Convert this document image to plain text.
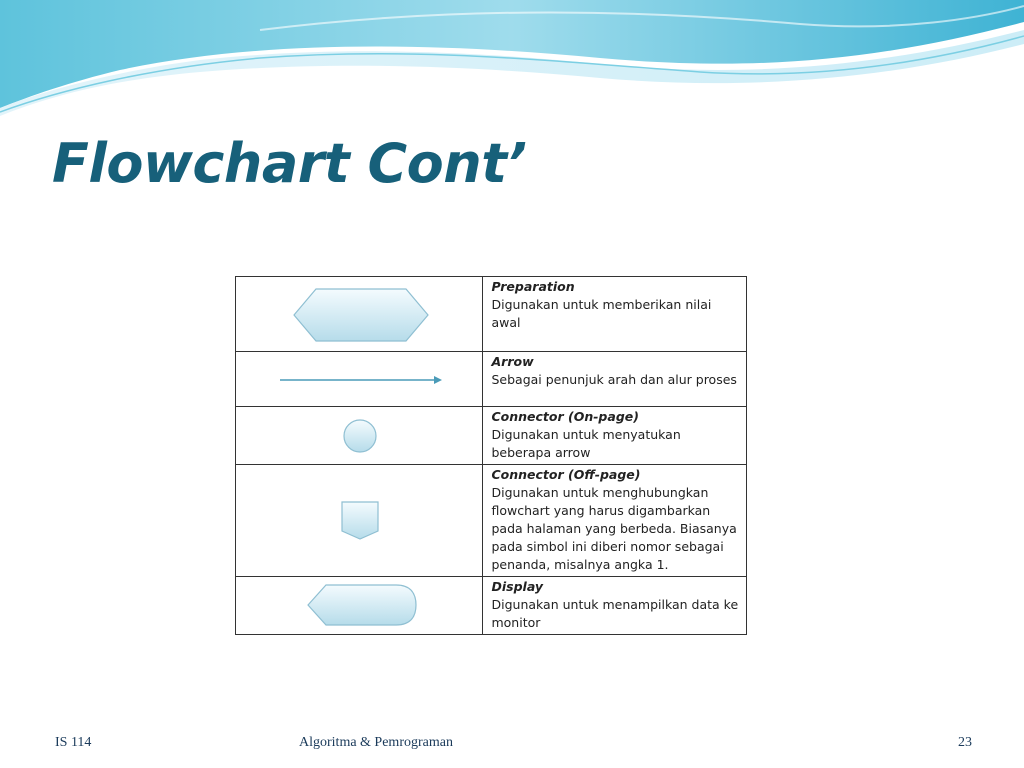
Flowchart Cont’

Preparation
Digunakan untuk memberikan nilai awal

Arrow
Sebagai penunjuk arah dan alur proses

Connector (On-page)
Digunakan untuk menyatukan beberapa arrow

Connector (Off-page)
Digunakan untuk menghubungkan flowchart yang harus digambarkan pada halaman yang berbeda. Biasanya pada simbol ini diberi nomor sebagai penanda, misalnya angka 1.

Display
Digunakan untuk menampilkan data ke monitor
IS 114	Algoritma & Pemrograman	23
